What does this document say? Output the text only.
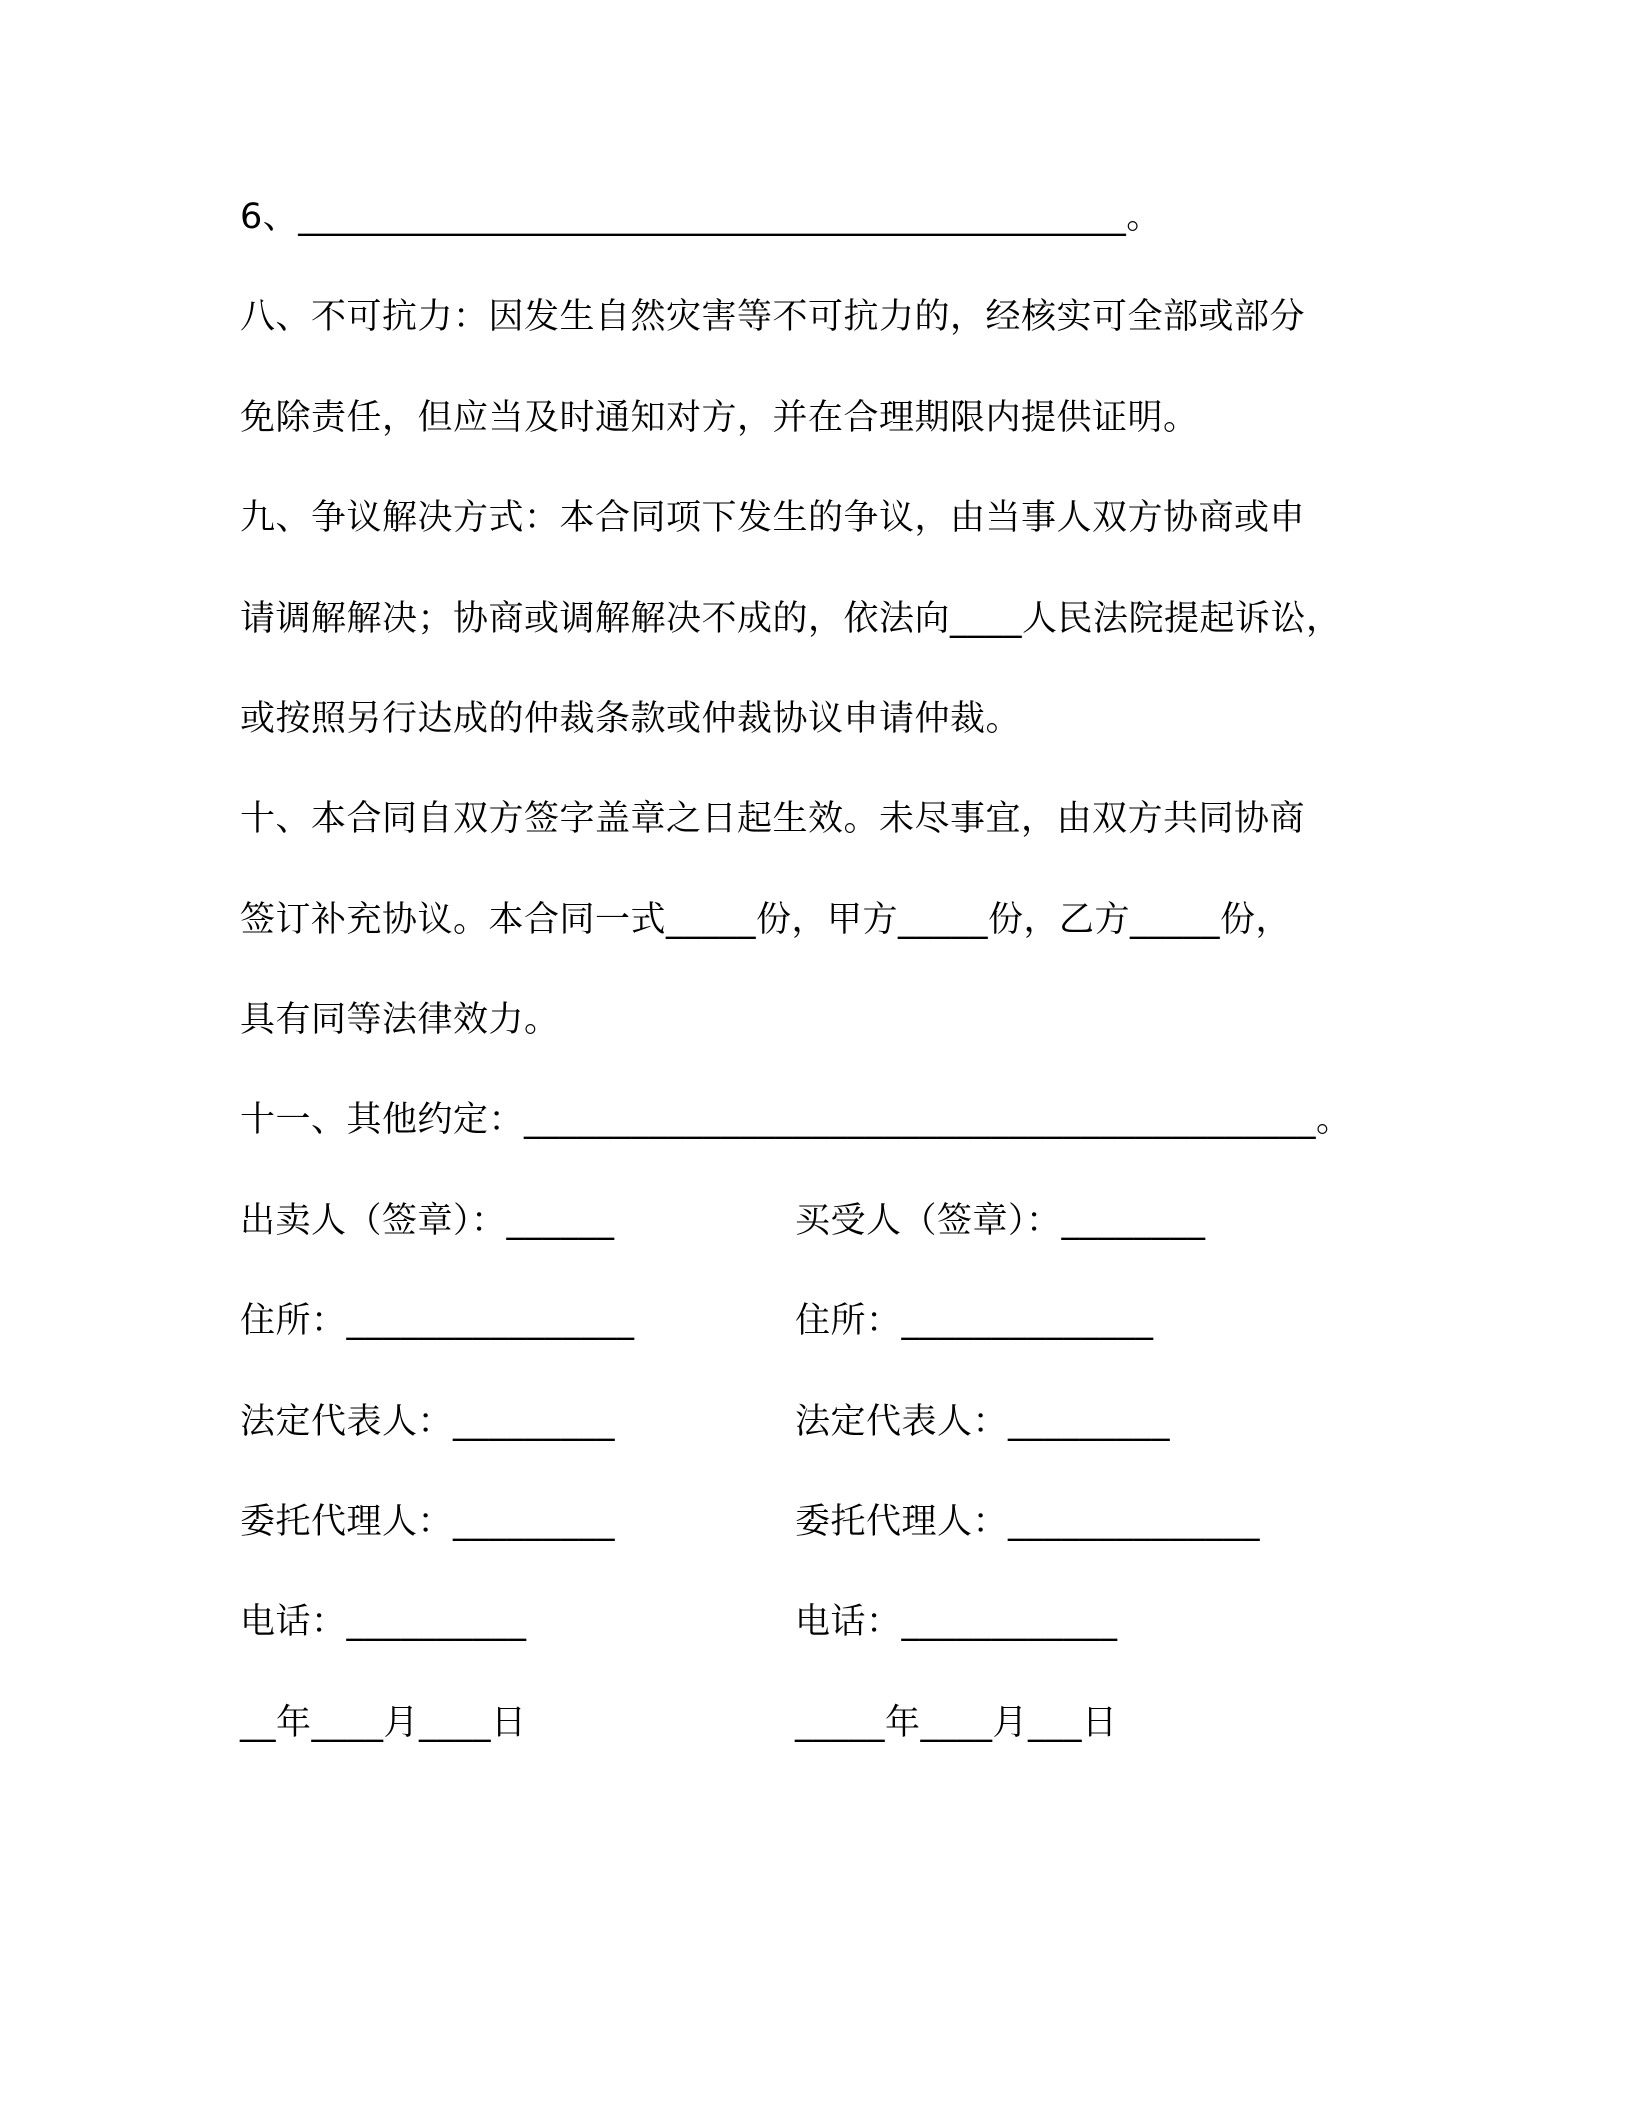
6、______________________________________________。
八、不可抗力：因发生自然灾害等不可抗力的，经核实可全部或部分
免除责任，但应当及时通知对方，并在合理期限内提供证明。
九、争议解决方式：本合同项下发生的争议，由当事人双方协商或申
请调解解决；协商或调解解决不成的，依法向____人民法院提起诉讼，
或按照另行达成的仲裁条款或仲裁协议申请仲裁。
十、本合同自双方签字盖章之日起生效。未尽事宜，由双方共同协商
签订补充协议。本合同一式_____份，甲方_____份，乙方_____份，
具有同等法律效力。
十一、其他约定：____________________________________________。
出卖人（签章）：______	买受人（签章）：________
住所：________________	住所：______________
法定代表人：_________	法定代表人：_________
委托代理人：_________	委托代理人：______________
电话：__________	电话：____________
__年____月____日	_____年____月___日
